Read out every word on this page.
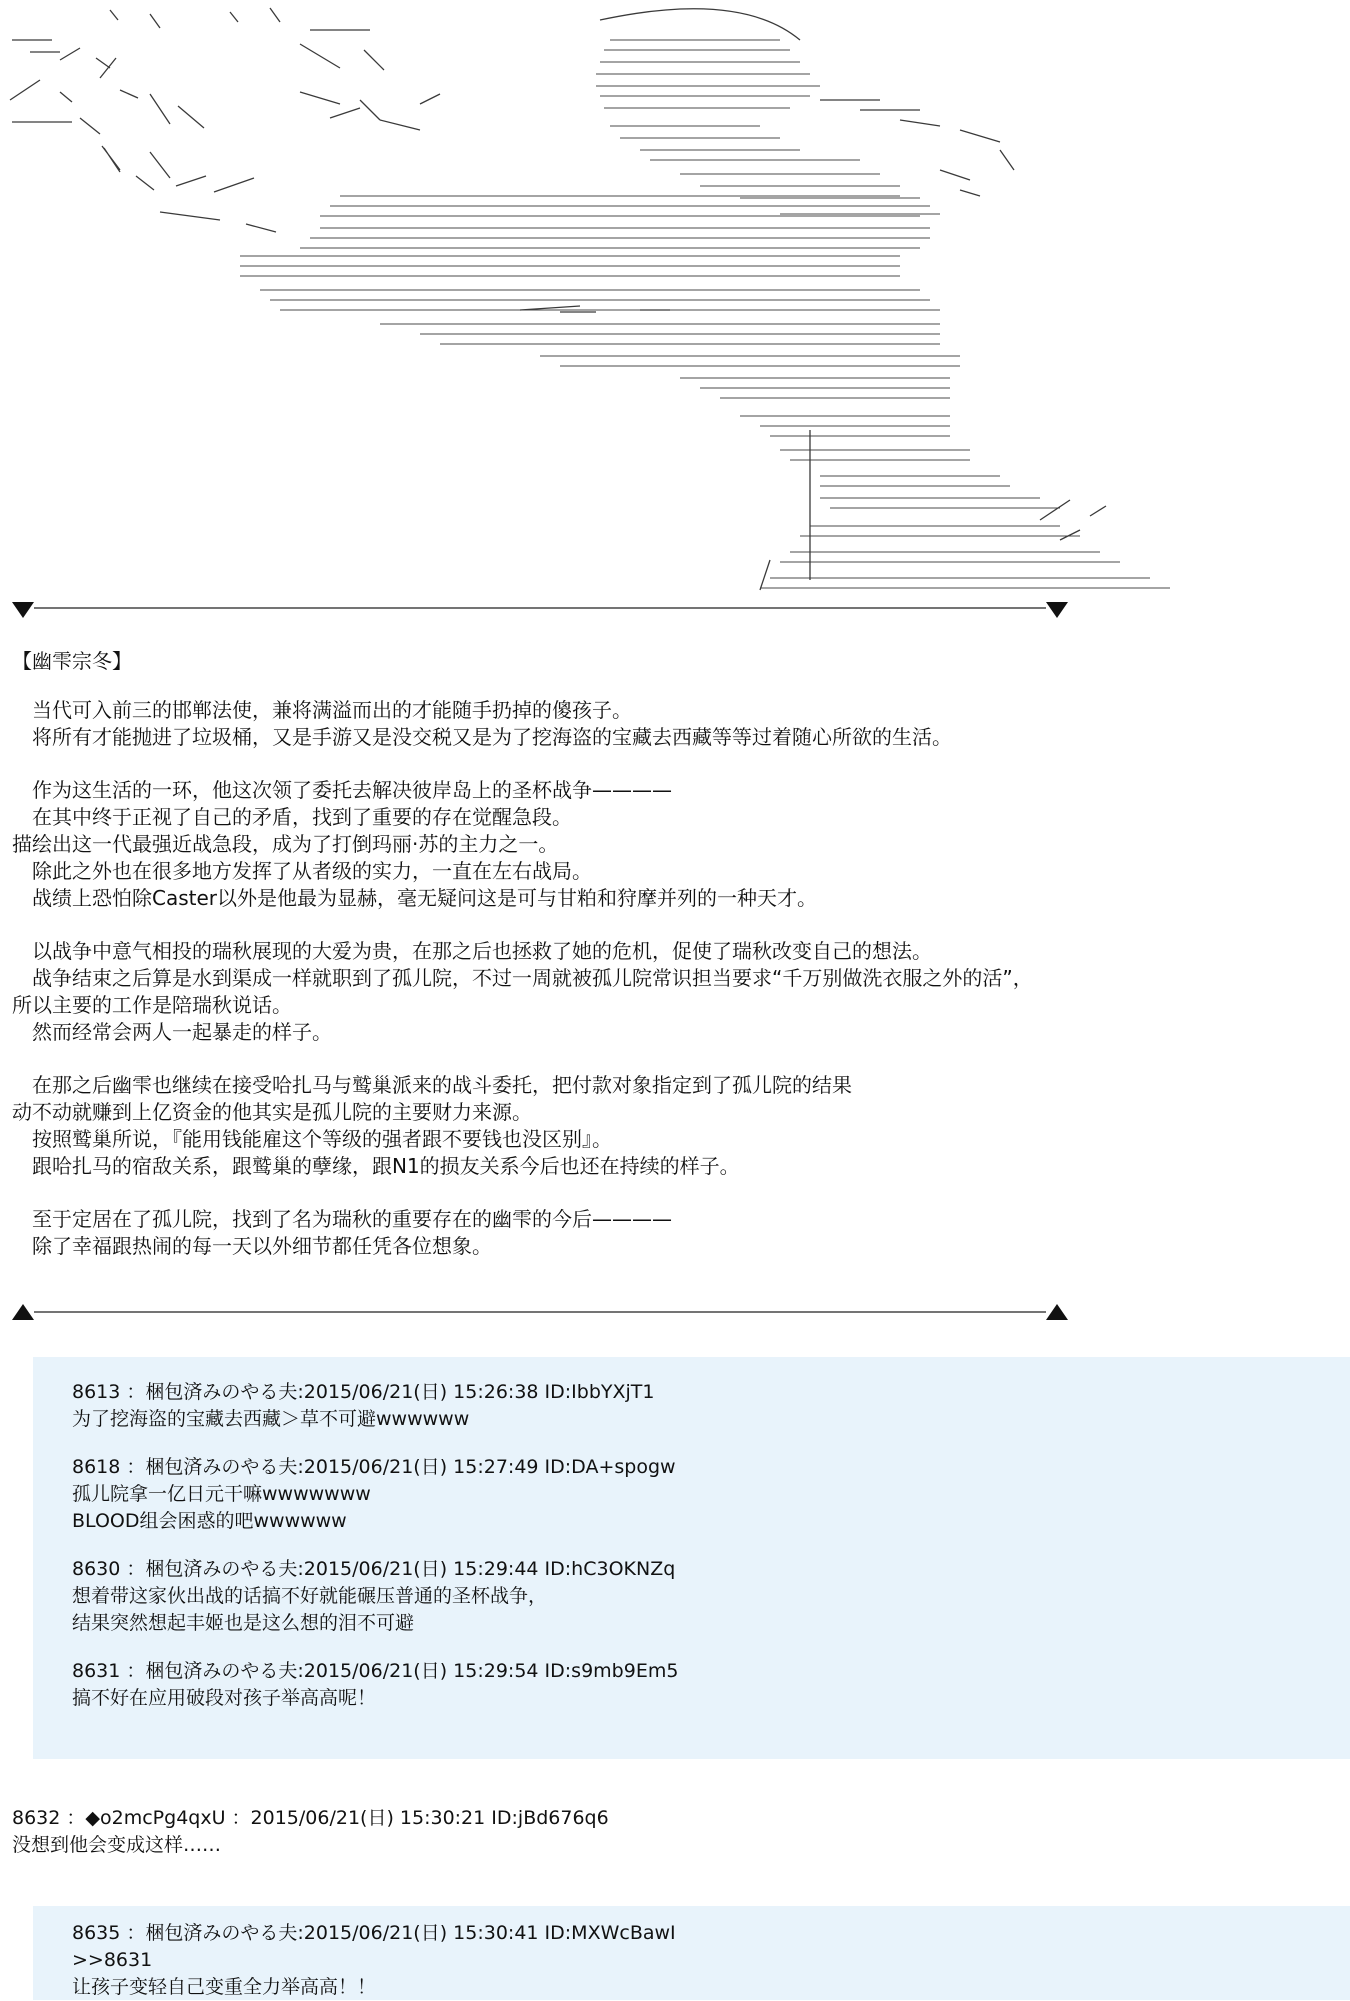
【幽雫宗冬】
　当代可入前三的邯郸法使，兼将满溢而出的才能随手扔掉的傻孩子。
　将所有才能抛进了垃圾桶，又是手游又是没交税又是为了挖海盗的宝藏去西藏等等过着随心所欲的生活。
　作为这生活的一环，他这次领了委托去解决彼岸岛上的圣杯战争————
　在其中终于正视了自己的矛盾，找到了重要的存在觉醒急段。
描绘出这一代最强近战急段，成为了打倒玛丽·苏的主力之一。
　除此之外也在很多地方发挥了从者级的实力，一直在左右战局。
　战绩上恐怕除Caster以外是他最为显赫，毫无疑问这是可与甘粕和狩摩并列的一种天才。
　以战争中意气相投的瑞秋展现的大爱为贵，在那之后也拯救了她的危机，促使了瑞秋改变自己的想法。
　战争结束之后算是水到渠成一样就职到了孤儿院，不过一周就被孤儿院常识担当要求“千万别做洗衣服之外的活”，
所以主要的工作是陪瑞秋说话。
　然而经常会两人一起暴走的样子。
　在那之后幽雫也继续在接受哈扎马与鹫巢派来的战斗委托，把付款对象指定到了孤儿院的结果
动不动就赚到上亿资金的他其实是孤儿院的主要财力来源。
　按照鹫巢所说，『能用钱能雇这个等级的强者跟不要钱也没区别』。
　跟哈扎马的宿敌关系，跟鹫巢的孽缘，跟N1的损友关系今后也还在持续的样子。
　至于定居在了孤儿院，找到了名为瑞秋的重要存在的幽雫的今后————
　除了幸福跟热闹的每一天以外细节都任凭各位想象。
8613 ：梱包済みのやる夫:2015/06/21(日) 15:26:38 ID:IbbYXjT1
为了挖海盗的宝藏去西藏＞草不可避wwwwww
8618 ：梱包済みのやる夫:2015/06/21(日) 15:27:49 ID:DA+spogw
孤儿院拿一亿日元干嘛wwwwwww
BLOOD组会困惑的吧wwwwww
8630 ：梱包済みのやる夫:2015/06/21(日) 15:29:44 ID:hC3OKNZq
想着带这家伙出战的话搞不好就能碾压普通的圣杯战争，
结果突然想起丰姬也是这么想的泪不可避
8631 ：梱包済みのやる夫:2015/06/21(日) 15:29:54 ID:s9mb9Em5
搞不好在应用破段对孩子举高高呢！
8632 ：◆o2mcPg4qxU ：2015/06/21(日) 15:30:21 ID:jBd676q6
没想到他会变成这样……
8635 ：梱包済みのやる夫:2015/06/21(日) 15:30:41 ID:MXWcBawI
>>8631
让孩子变轻自己变重全力举高高！！
